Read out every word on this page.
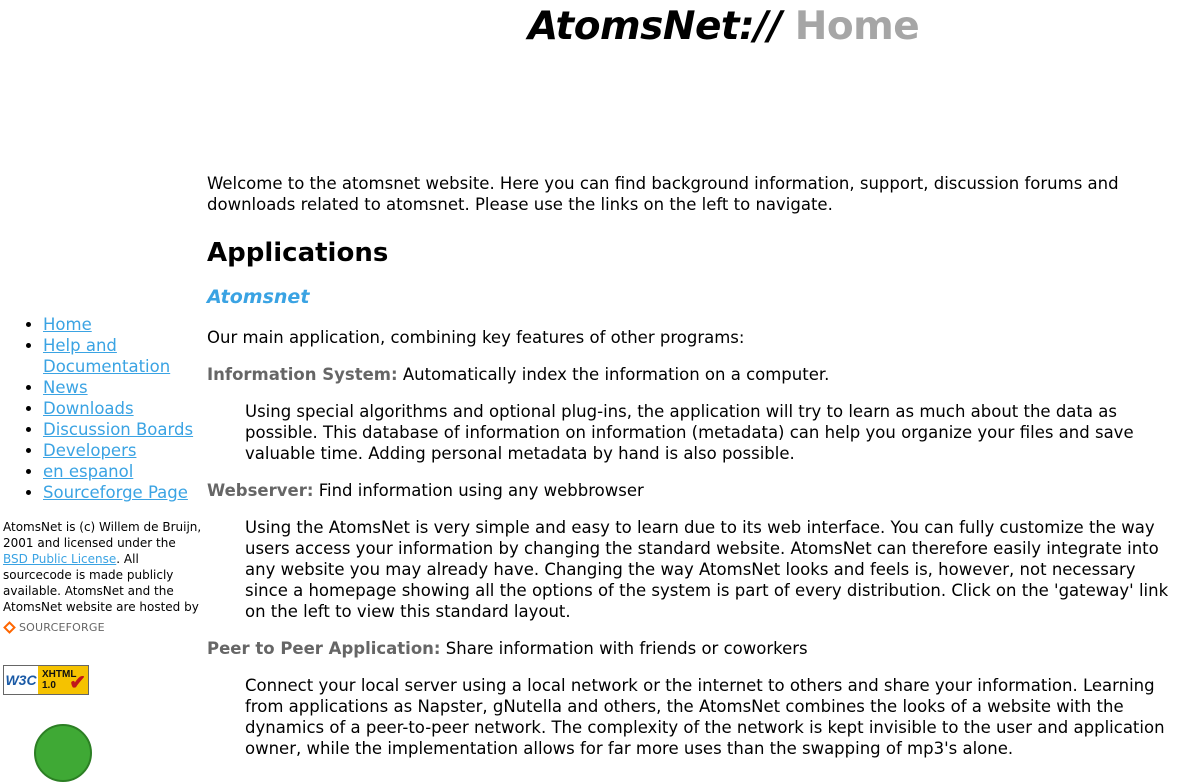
AtomsNet:// Home
• Home
• Help and Documentation
• News
• Downloads
• Discussion Boards
• Developers
• en espanol
• Sourceforge Page
AtomsNet is (c) Willem de Bruijn, 2001 and licensed under the BSD Public License. All sourcecode is made publicly available. AtomsNet and the AtomsNet website are hosted by
SOURCEFORGE
W3C XHTML
1.0 ✔

Welcome to the atomsnet website. Here you can find background information, support, discussion forums and downloads related to atomsnet. Please use the links on the left to navigate.

Applications
Atomsnet

Our main application, combining key features of other programs:

Information System: Automatically index the information on a computer.

Using special algorithms and optional plug-ins, the application will try to learn as much about the data as possible. This database of information on information (metadata) can help you organize your files and save valuable time. Adding personal metadata by hand is also possible.

Webserver: Find information using any webbrowser

Using the AtomsNet is very simple and easy to learn due to its web interface. You can fully customize the way users access your information by changing the standard website. AtomsNet can therefore easily integrate into any website you may already have. Changing the way AtomsNet looks and feels is, however, not necessary since a homepage showing all the options of the system is part of every distribution. Click on the 'gateway' link on the left to view this standard layout.

Peer to Peer Application: Share information with friends or coworkers

Connect your local server using a local network or the internet to others and share your information. Learning from applications as Napster, gNutella and others, the AtomsNet combines the looks of a website with the dynamics of a peer-to-peer network. The complexity of the network is kept invisible to the user and application owner, while the implementation allows for far more uses than the swapping of mp3's alone.
